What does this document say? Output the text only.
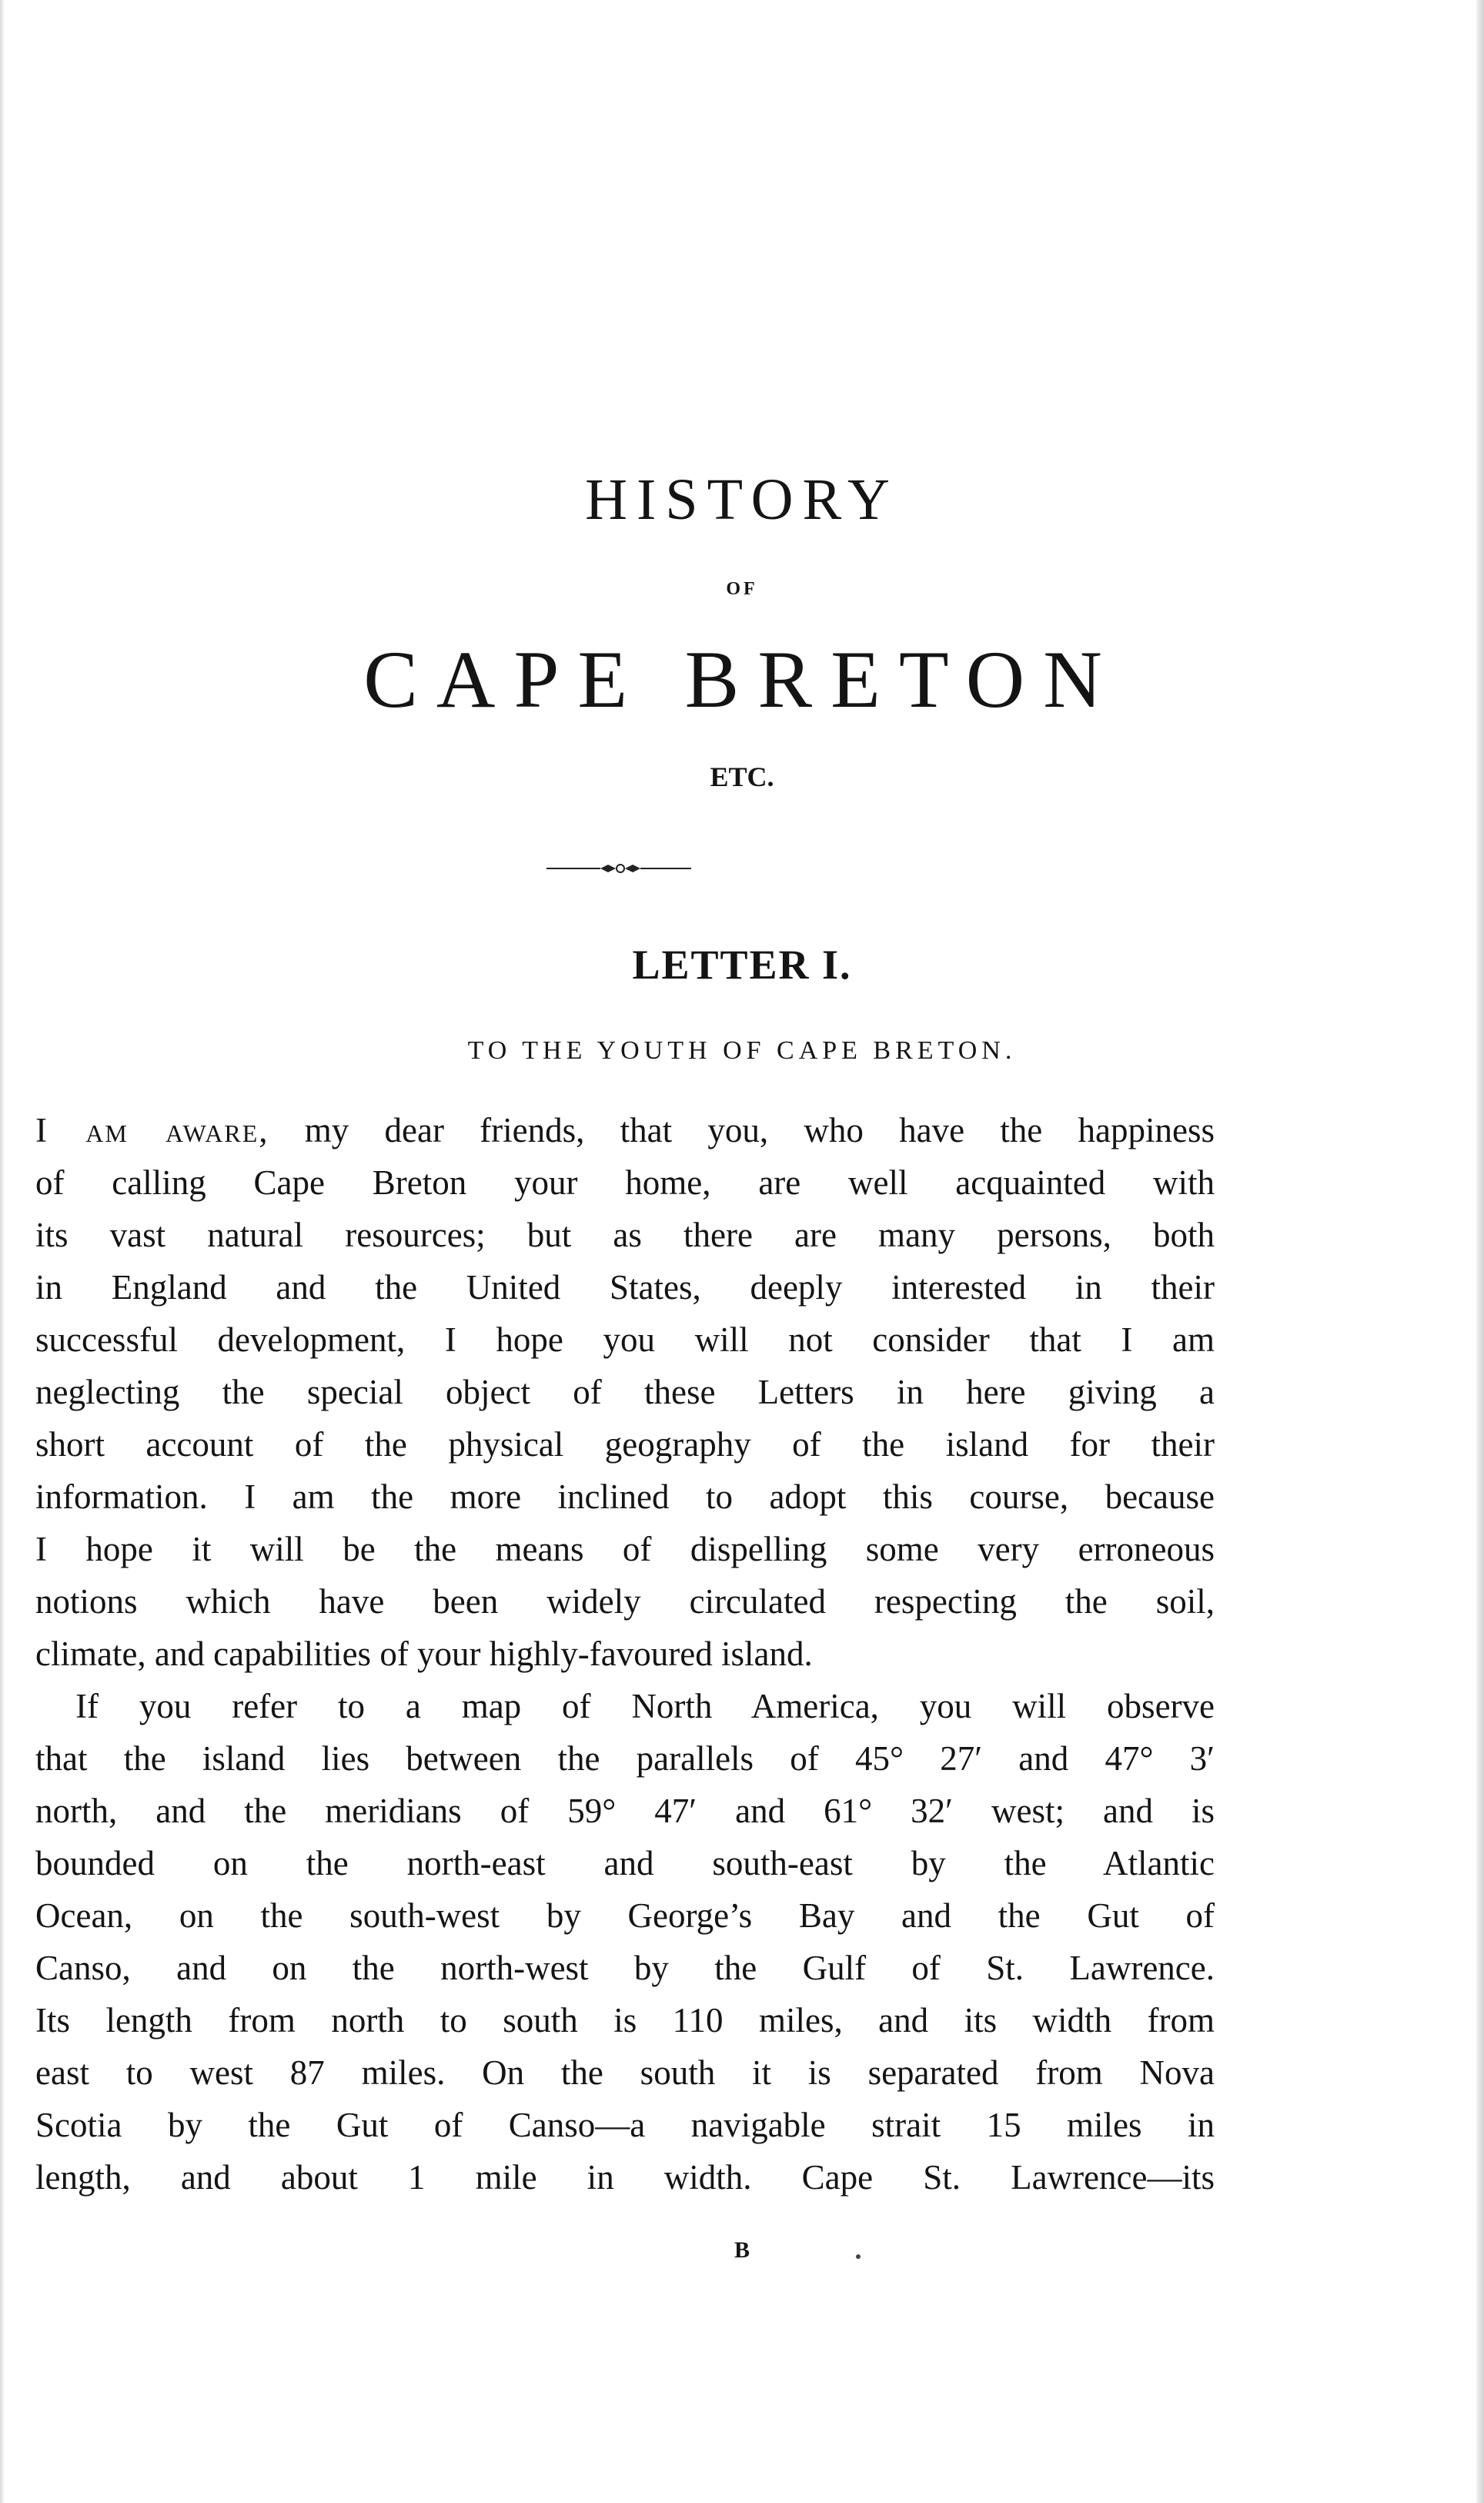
HISTORY
OF
CAPE BRETON
ETC.
LETTER I.
TO THE YOUTH OF CAPE BRETON.
I am aware, my dear friends, that you, who have the happiness
of calling Cape Breton your home, are well acquainted with
its vast natural resources; but as there are many persons, both
in England and the United States, deeply interested in their
successful development, I hope you will not consider that I am
neglecting the special object of these Letters in here giving a
short account of the physical geography of the island for their
information. I am the more inclined to adopt this course, because
I hope it will be the means of dispelling some very erroneous
notions which have been widely circulated respecting the soil,
climate, and capabilities of your highly-favoured island.
If you refer to a map of North America, you will observe
that the island lies between the parallels of 45° 27′ and 47° 3′
north, and the meridians of 59° 47′ and 61° 32′ west; and is
bounded on the north-east and south-east by the Atlantic
Ocean, on the south-west by George’s Bay and the Gut of
Canso, and on the north-west by the Gulf of St. Lawrence.
Its length from north to south is 110 miles, and its width from
east to west 87 miles. On the south it is separated from Nova
Scotia by the Gut of Canso—a navigable strait 15 miles in
length, and about 1 mile in width. Cape St. Lawrence—its
B
